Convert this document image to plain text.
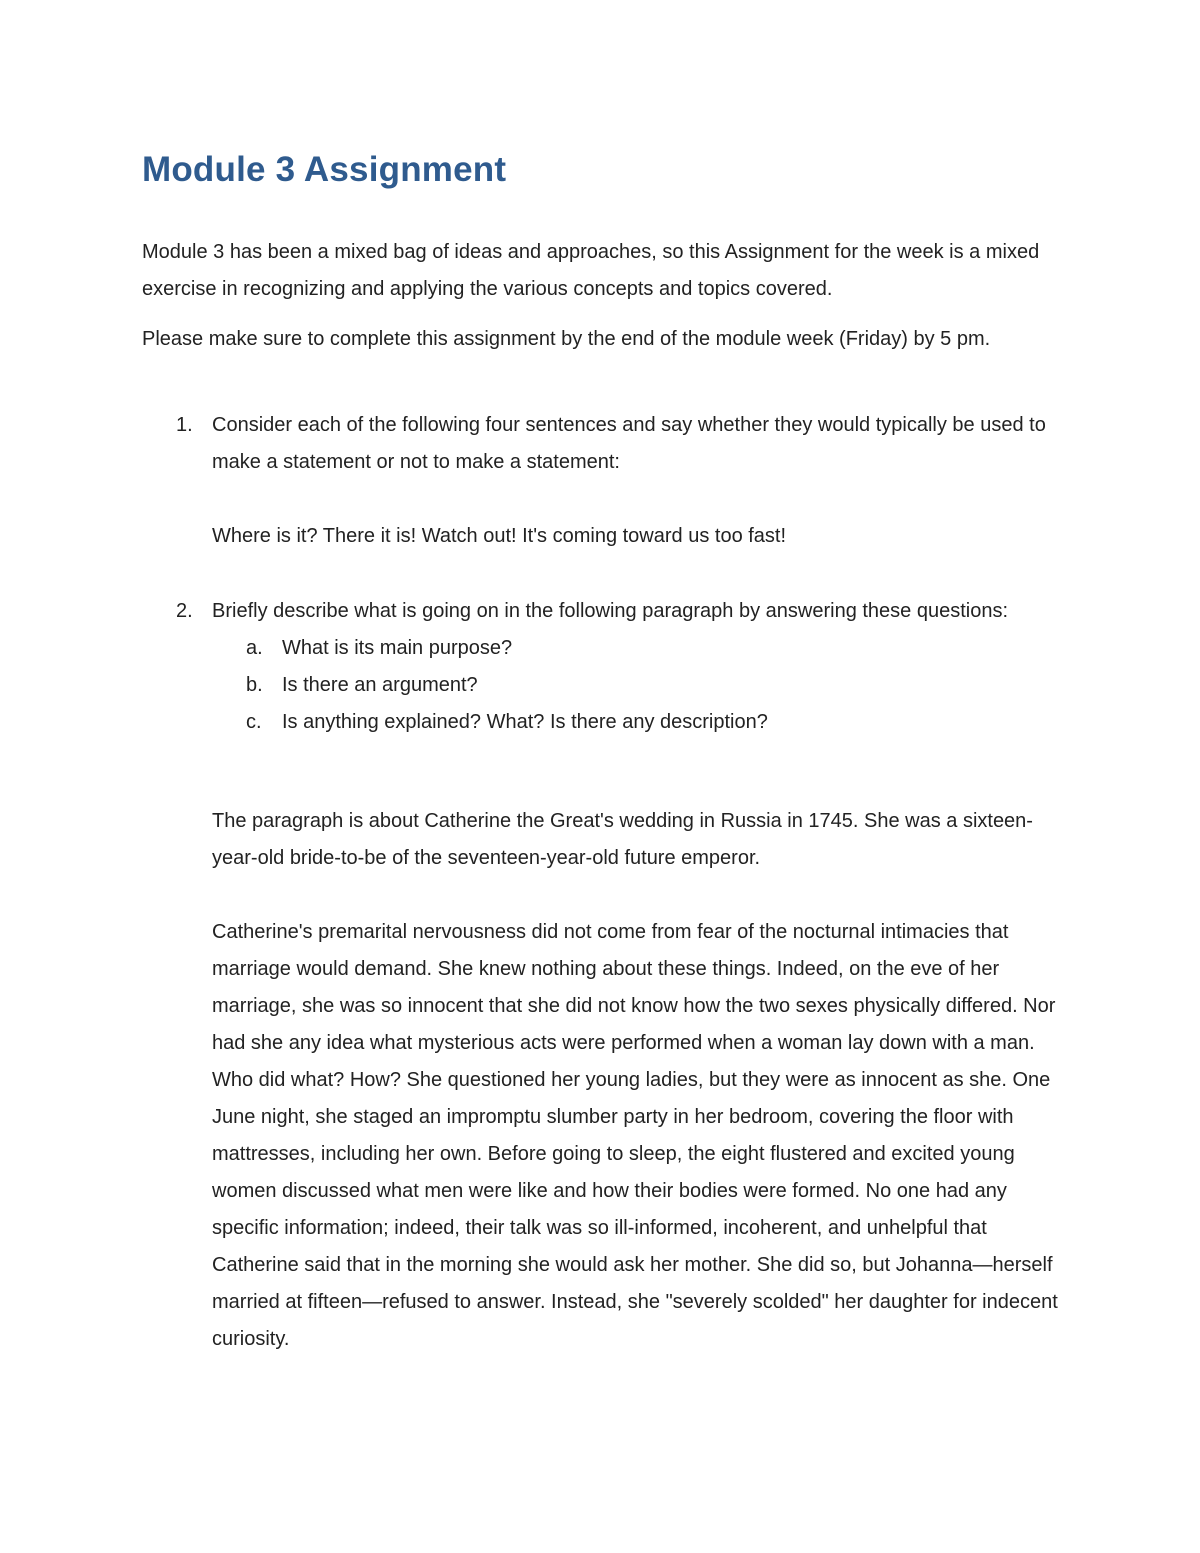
Module 3 Assignment

Module 3 has been a mixed bag of ideas and approaches, so this Assignment for the week is a mixed exercise in recognizing and applying the various concepts and topics covered.

Please make sure to complete this assignment by the end of the module week (Friday) by 5 pm.

1. Consider each of the following four sentences and say whether they would typically be used to make a statement or not to make a statement:
Where is it? There it is! Watch out! It's coming toward us too fast!
2. Briefly describe what is going on in the following paragraph by answering these questions:
a. What is its main purpose?
b. Is there an argument?
c. Is anything explained? What? Is there any description?
The paragraph is about Catherine the Great's wedding in Russia in 1745. She was a sixteen-year-old bride-to-be of the seventeen-year-old future emperor.
Catherine's premarital nervousness did not come from fear of the nocturnal intimacies that marriage would demand. She knew nothing about these things. Indeed, on the eve of her marriage, she was so innocent that she did not know how the two sexes physically differed. Nor had she any idea what mysterious acts were performed when a woman lay down with a man. Who did what? How? She questioned her young ladies, but they were as innocent as she. One June night, she staged an impromptu slumber party in her bedroom, covering the floor with mattresses, including her own. Before going to sleep, the eight flustered and excited young women discussed what men were like and how their bodies were formed. No one had any specific information; indeed, their talk was so ill-informed, incoherent, and unhelpful that Catherine said that in the morning she would ask her mother. She did so, but Johanna—herself married at fifteen—refused to answer. Instead, she "severely scolded" her daughter for indecent curiosity.
